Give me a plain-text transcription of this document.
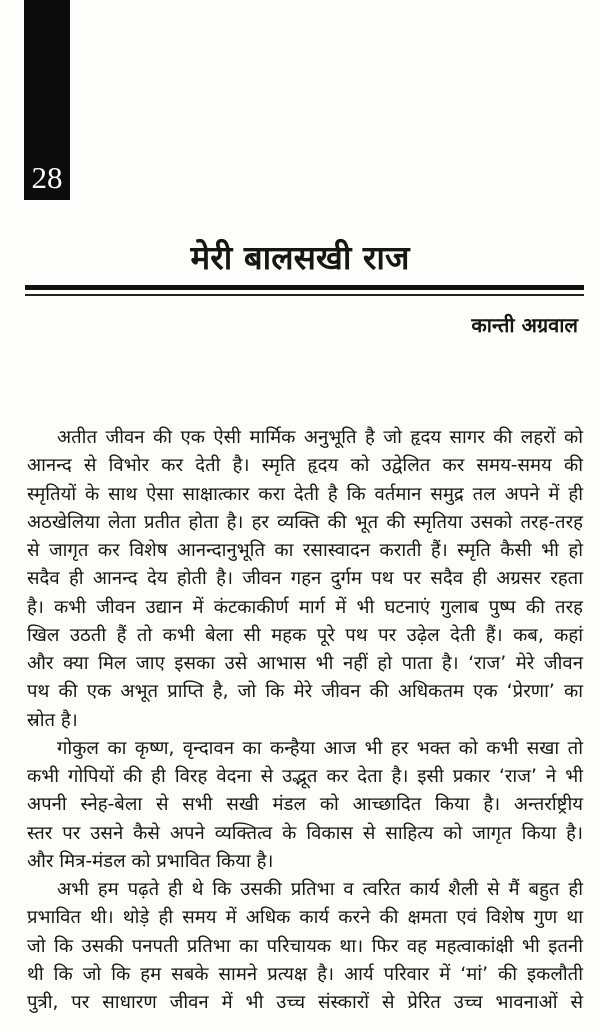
28
मेरी बालसखी राज
कान्ती अग्रवाल
अतीत जीवन की एक ऐसी मार्मिक अनुभूति है जो हृदय सागर की लहरों को
आनन्द से विभोर कर देती है। स्मृति हृदय को उद्वेलित कर समय-समय की
स्मृतियों के साथ ऐसा साक्षात्कार करा देती है कि वर्तमान समुद्र तल अपने में ही
अठखेलिया लेता प्रतीत होता है। हर व्यक्ति की भूत की स्मृतिया उसको तरह-तरह
से जागृत कर विशेष आनन्दानुभूति का रसास्वादन कराती हैं। स्मृति कैसी भी हो
सदैव ही आनन्द देय होती है। जीवन गहन दुर्गम पथ पर सदैव ही अग्रसर रहता
है। कभी जीवन उद्यान में कंटकाकीर्ण मार्ग में भी घटनाएं गुलाब पुष्प की तरह
खिल उठती हैं तो कभी बेला सी महक पूरे पथ पर उढ़ेल देती हैं। कब, कहां
और क्या मिल जाए इसका उसे आभास भी नहीं हो पाता है। ‘राज’ मेरे जीवन
पथ की एक अभूत प्राप्ति है, जो कि मेरे जीवन की अधिकतम एक ‘प्रेरणा’ का
स्रोत है।
गोकुल का कृष्ण, वृन्दावन का कन्हैया आज भी हर भक्त को कभी सखा तो
कभी गोपियों की ही विरह वेदना से उद्भूत कर देता है। इसी प्रकार ‘राज’ ने भी
अपनी स्नेह-बेला से सभी सखी मंडल को आच्छादित किया है। अन्तर्राष्ट्रीय
स्तर पर उसने कैसे अपने व्यक्तित्व के विकास से साहित्य को जागृत किया है।
और मित्र-मंडल को प्रभावित किया है।
अभी हम पढ़ते ही थे कि उसकी प्रतिभा व त्वरित कार्य शैली से मैं बहुत ही
प्रभावित थी। थोड़े ही समय में अधिक कार्य करने की क्षमता एवं विशेष गुण था
जो कि उसकी पनपती प्रतिभा का परिचायक था। फिर वह महत्वाकांक्षी भी इतनी
थी कि जो कि हम सबके सामने प्रत्यक्ष है। आर्य परिवार में ‘मां’ की इकलौती
पुत्री, पर साधारण जीवन में भी उच्च संस्कारों से प्रेरित उच्च भावनाओं से
